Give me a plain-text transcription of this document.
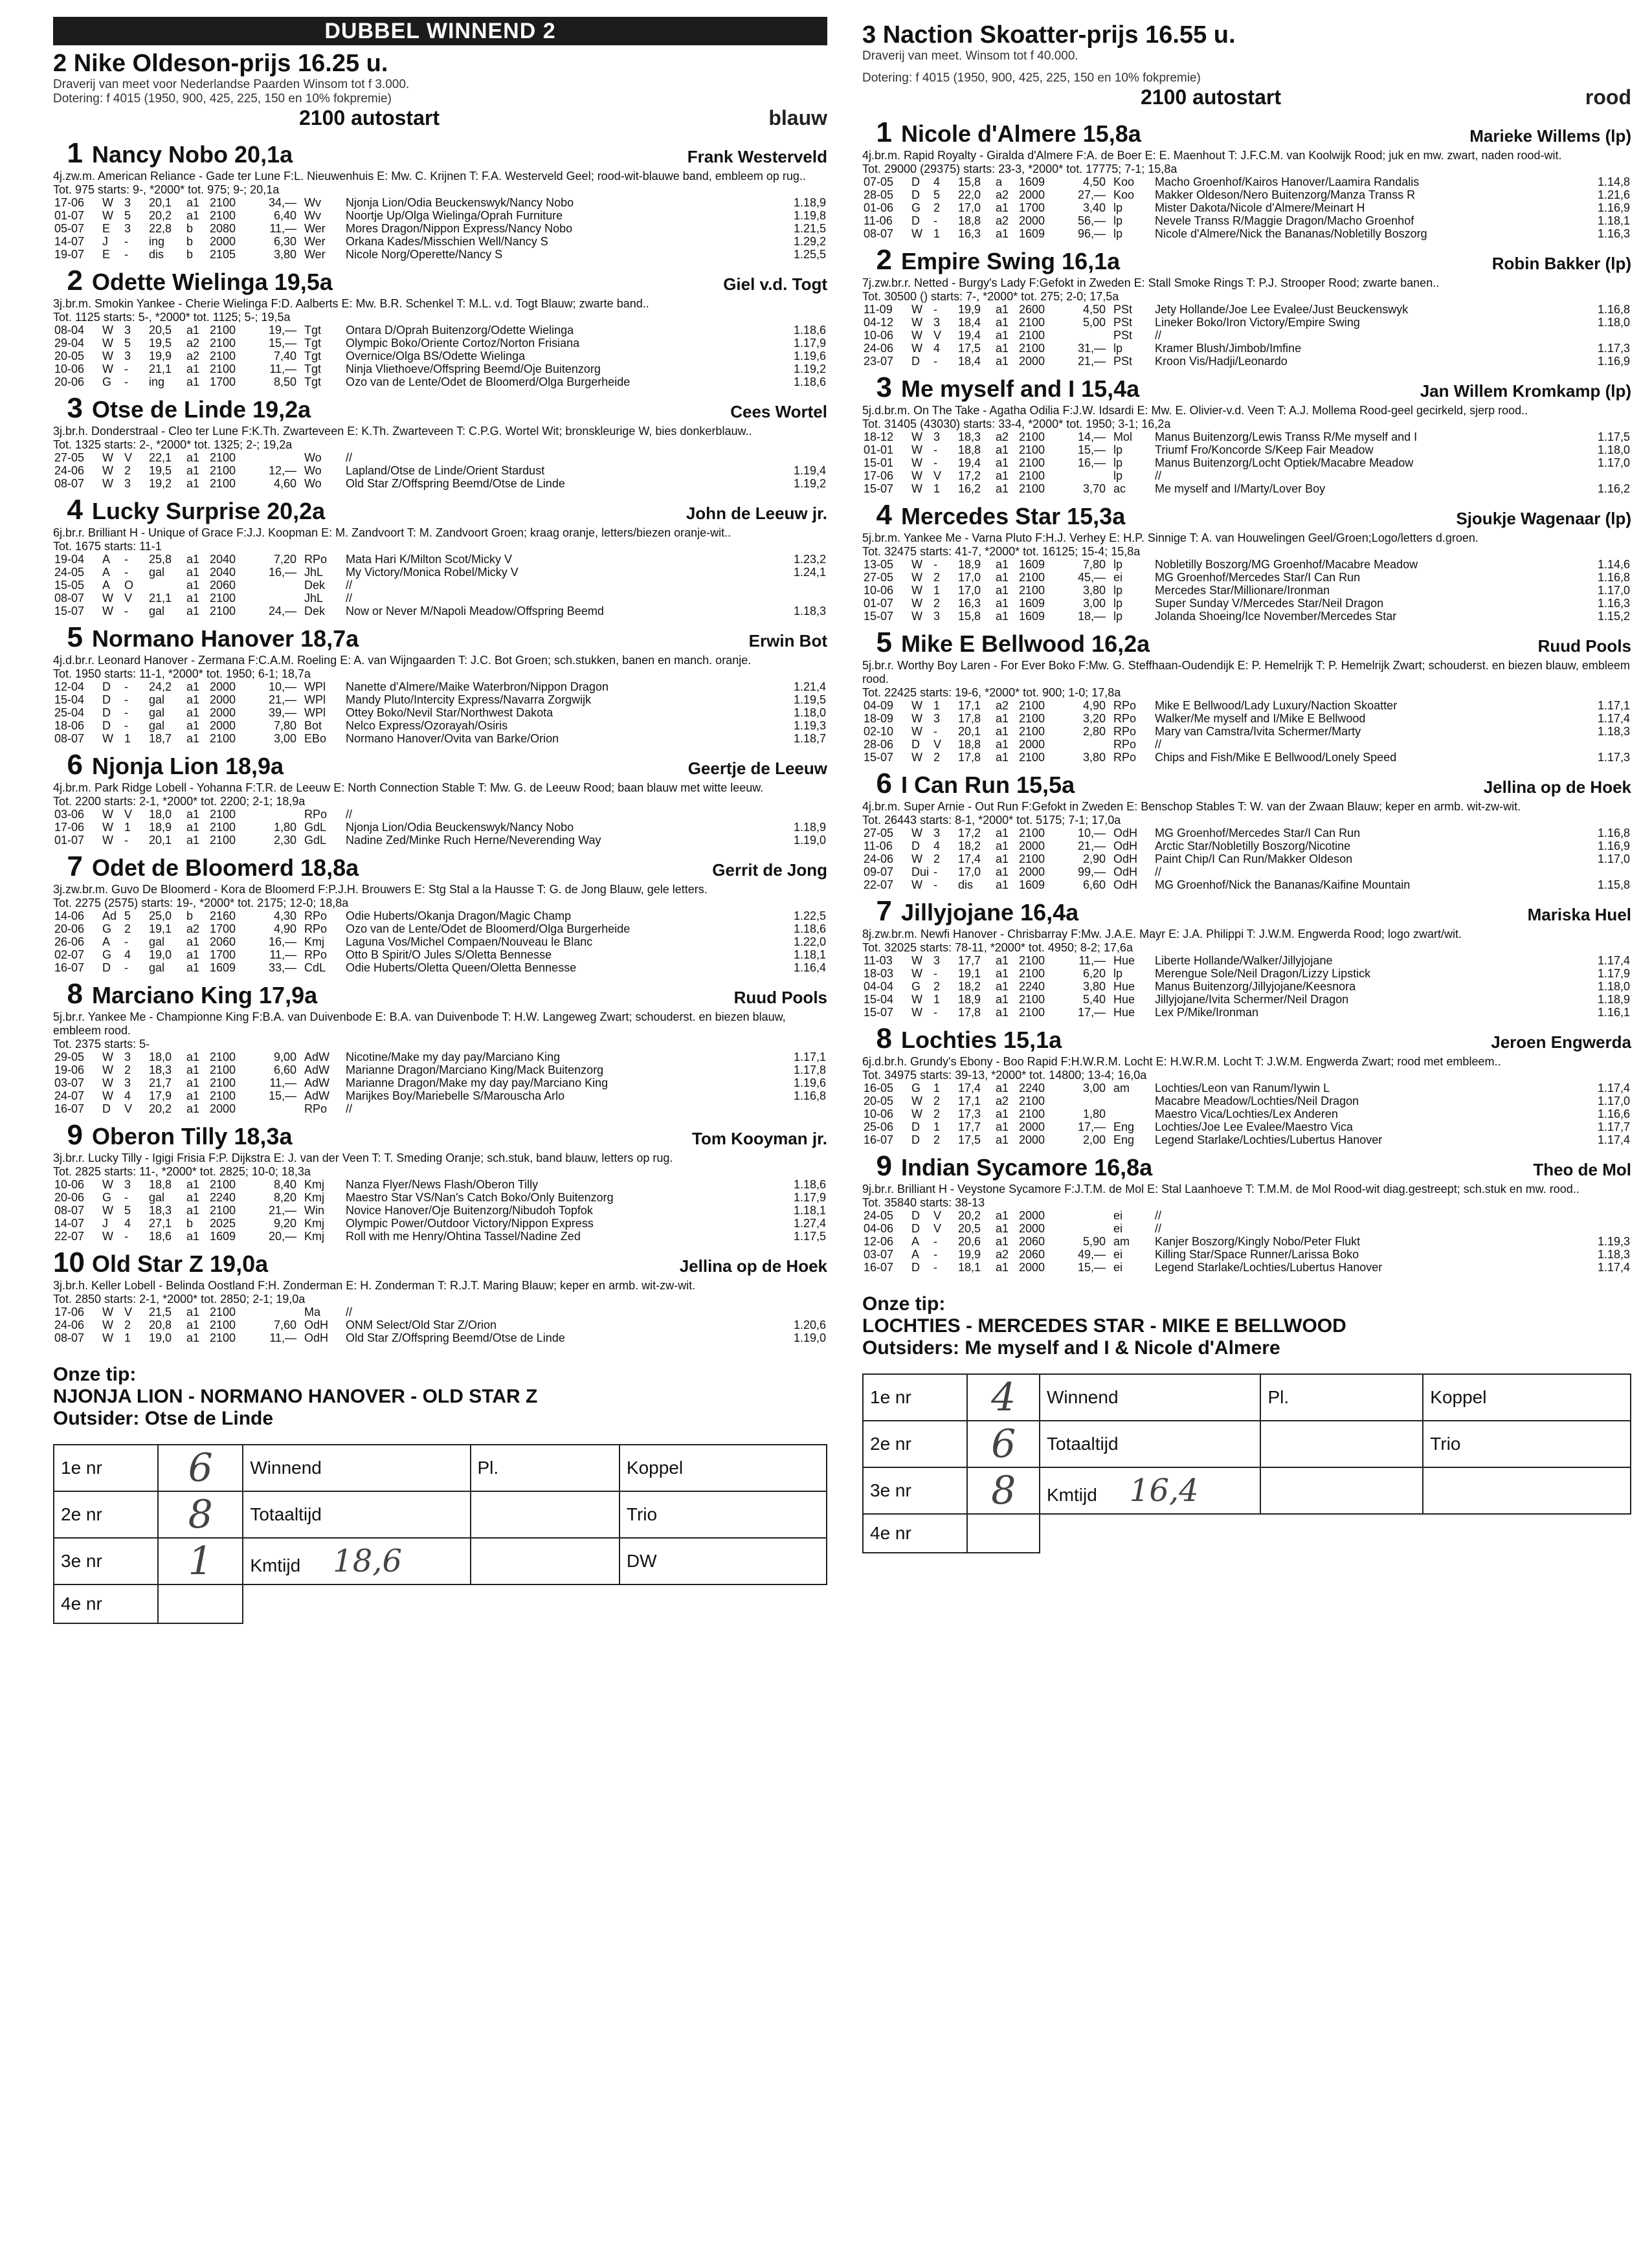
DUBBEL WINNEND 2
2 Nike Oldeson-prijs 16.25 u.
Draverij van meet voor Nederlandse Paarden Winsom tot f 3.000.
Dotering: f 4015 (1950, 900, 425, 225, 150 en 10% fokpremie)
2100 autostart	blauw
1 Nancy Nobo 20,1a	Frank Westerveld
4j.zw.m. American Reliance - Gade ter Lune F:L. Nieuwenhuis E: Mw. C. Krijnen T: F.A. Westerveld Geel; rood-wit-blauwe band, embleem op rug..
Tot. 975 starts: 9-, *2000* tot. 975; 9-; 20,1a
17-06	W	3	20,1	a1	2100	34,—	Wv	Njonja Lion/Odia Beuckenswyk/Nancy Nobo	1.18,9
01-07	W	5	20,2	a1	2100	6,40	Wv	Noortje Up/Olga Wielinga/Oprah Furniture	1.19,8
05-07	E	3	22,8	b	2080	11,—	Wer	Mores Dragon/Nippon Express/Nancy Nobo	1.21,5
14-07	J	-	ing	b	2000	6,30	Wer	Orkana Kades/Misschien Well/Nancy S	1.29,2
19-07	E	-	dis	b	2105	3,80	Wer	Nicole Norg/Operette/Nancy S	1.25,5
2 Odette Wielinga 19,5a	Giel v.d. Togt
3j.br.m. Smokin Yankee - Cherie Wielinga F:D. Aalberts E: Mw. B.R. Schenkel T: M.L. v.d. Togt Blauw; zwarte band..
Tot. 1125 starts: 5-, *2000* tot. 1125; 5-; 19,5a
08-04	W	3	20,5	a1	2100	19,—	Tgt	Ontara D/Oprah Buitenzorg/Odette Wielinga	1.18,6
29-04	W	5	19,5	a2	2100	15,—	Tgt	Olympic Boko/Oriente Cortoz/Norton Frisiana	1.17,9
20-05	W	3	19,9	a2	2100	7,40	Tgt	Overnice/Olga BS/Odette Wielinga	1.19,6
10-06	W	-	21,1	a1	2100	11,—	Tgt	Ninja Vliethoeve/Offspring Beemd/Oje Buitenzorg	1.19,2
20-06	G	-	ing	a1	1700	8,50	Tgt	Ozo van de Lente/Odet de Bloomerd/Olga Burgerheide	1.18,6
3 Otse de Linde 19,2a	Cees Wortel
3j.br.h. Donderstraal - Cleo ter Lune F:K.Th. Zwarteveen E: K.Th. Zwarteveen T: C.P.G. Wortel Wit; bronskleurige W, bies donkerblauw..
Tot. 1325 starts: 2-, *2000* tot. 1325; 2-; 19,2a
27-05	W	V	22,1	a1	2100		Wo	//	
24-06	W	2	19,5	a1	2100	12,—	Wo	Lapland/Otse de Linde/Orient Stardust	1.19,4
08-07	W	3	19,2	a1	2100	4,60	Wo	Old Star Z/Offspring Beemd/Otse de Linde	1.19,2
4 Lucky Surprise 20,2a	John de Leeuw jr.
6j.br.r. Brilliant H - Unique of Grace F:J.J. Koopman E: M. Zandvoort T: M. Zandvoort Groen; kraag oranje, letters/biezen oranje-wit..
Tot. 1675 starts: 11-1
19-04	A	-	25,8	a1	2040	7,20	RPo	Mata Hari K/Milton Scot/Micky V	1.23,2
24-05	A	-	gal	a1	2040	16,—	JhL	My Victory/Monica Robel/Micky V	1.24,1
15-05	A	O		a1	2060		Dek	//	
08-07	W	V	21,1	a1	2100		JhL	//	
15-07	W	-	gal	a1	2100	24,—	Dek	Now or Never M/Napoli Meadow/Offspring Beemd	1.18,3
5 Normano Hanover 18,7a	Erwin Bot
4j.d.br.r. Leonard Hanover - Zermana F:C.A.M. Roeling E: A. van Wijngaarden T: J.C. Bot Groen; sch.stukken, banen en manch. oranje.
Tot. 1950 starts: 11-1, *2000* tot. 1950; 6-1; 18,7a
12-04	D	-	24,2	a1	2000	10,—	WPl	Nanette d'Almere/Maike Waterbron/Nippon Dragon	1.21,4
15-04	D	-	gal	a1	2000	21,—	WPl	Mandy Pluto/Intercity Express/Navarra Zorgwijk	1.19,5
25-04	D	-	gal	a1	2000	39,—	WPl	Ottey Boko/Nevil Star/Northwest Dakota	1.18,0
18-06	D	-	gal	a1	2000	7,80	Bot	Nelco Express/Ozorayah/Osiris	1.19,3
08-07	W	1	18,7	a1	2100	3,00	EBo	Normano Hanover/Ovita van Barke/Orion	1.18,7
6 Njonja Lion 18,9a	Geertje de Leeuw
4j.br.m. Park Ridge Lobell - Yohanna F:T.R. de Leeuw E: North Connection Stable T: Mw. G. de Leeuw Rood; baan blauw met witte leeuw.
Tot. 2200 starts: 2-1, *2000* tot. 2200; 2-1; 18,9a
03-06	W	V	18,0	a1	2100		RPo	//	
17-06	W	1	18,9	a1	2100	1,80	GdL	Njonja Lion/Odia Beuckenswyk/Nancy Nobo	1.18,9
01-07	W	-	20,1	a1	2100	2,30	GdL	Nadine Zed/Minke Ruch Herne/Neverending Way	1.19,0
7 Odet de Bloomerd 18,8a	Gerrit de Jong
3j.zw.br.m. Guvo De Bloomerd - Kora de Bloomerd F:P.J.H. Brouwers E: Stg Stal a la Hausse T: G. de Jong Blauw, gele letters.
Tot. 2275 (2575) starts: 19-, *2000* tot. 2175; 12-0; 18,8a
14-06	Ad	5	25,0	b	2160	4,30	RPo	Odie Huberts/Okanja Dragon/Magic Champ	1.22,5
20-06	G	2	19,1	a2	1700	4,90	RPo	Ozo van de Lente/Odet de Bloomerd/Olga Burgerheide	1.18,6
26-06	A	-	gal	a1	2060	16,—	Kmj	Laguna Vos/Michel Compaen/Nouveau le Blanc	1.22,0
02-07	G	4	19,0	a1	1700	11,—	RPo	Otto B Spirit/O Jules S/Oletta Bennesse	1.18,1
16-07	D	-	gal	a1	1609	33,—	CdL	Odie Huberts/Oletta Queen/Oletta Bennesse	1.16,4
8 Marciano King 17,9a	Ruud Pools
5j.br.r. Yankee Me - Championne King F:B.A. van Duivenbode E: B.A. van Duivenbode T: H.W. Langeweg Zwart; schouderst. en biezen blauw, embleem rood.
Tot. 2375 starts: 5-
29-05	W	3	18,0	a1	2100	9,00	AdW	Nicotine/Make my day pay/Marciano King	1.17,1
19-06	W	2	18,3	a1	2100	6,60	AdW	Marianne Dragon/Marciano King/Mack Buitenzorg	1.17,8
03-07	W	3	21,7	a1	2100	11,—	AdW	Marianne Dragon/Make my day pay/Marciano King	1.19,6
24-07	W	4	17,9	a1	2100	15,—	AdW	Marijkes Boy/Mariebelle S/Marouscha Arlo	1.16,8
16-07	D	V	20,2	a1	2000		RPo	//	
9 Oberon Tilly 18,3a	Tom Kooyman jr.
3j.br.r. Lucky Tilly - Igigi Frisia F:P. Dijkstra E: J. van der Veen T: T. Smeding Oranje; sch.stuk, band blauw, letters op rug.
Tot. 2825 starts: 11-, *2000* tot. 2825; 10-0; 18,3a
10-06	W	3	18,8	a1	2100	8,40	Kmj	Nanza Flyer/News Flash/Oberon Tilly	1.18,6
20-06	G	-	gal	a1	2240	8,20	Kmj	Maestro Star VS/Nan's Catch Boko/Only Buitenzorg	1.17,9
08-07	W	5	18,3	a1	2100	21,—	Win	Novice Hanover/Oje Buitenzorg/Nibudoh Topfok	1.18,1
14-07	J	4	27,1	b	2025	9,20	Kmj	Olympic Power/Outdoor Victory/Nippon Express	1.27,4
22-07	W	-	18,6	a1	1609	20,—	Kmj	Roll with me Henry/Ohtina Tassel/Nadine Zed	1.17,5
10 Old Star Z 19,0a	Jellina op de Hoek
3j.br.h. Keller Lobell - Belinda Oostland F:H. Zonderman E: H. Zonderman T: R.J.T. Maring Blauw; keper en armb. wit-zw-wit.
Tot. 2850 starts: 2-1, *2000* tot. 2850; 2-1; 19,0a
17-06	W	V	21,5	a1	2100		Ma	//	
24-06	W	2	20,8	a1	2100	7,60	OdH	ONM Select/Old Star Z/Orion	1.20,6
08-07	W	1	19,0	a1	2100	11,—	OdH	Old Star Z/Offspring Beemd/Otse de Linde	1.19,0
Onze tip:
NJONJA LION - NORMANO HANOVER - OLD STAR Z
Outsider: Otse de Linde
1e nr	6	Winnend	Pl.	Koppel
2e nr	8	Totaaltijd		Trio
3e nr	1	Kmtijd 18,6		DW
4e nr				
3 Naction Skoatter-prijs 16.55 u.
Draverij van meet. Winsom tot f 40.000.
Dotering: f 4015 (1950, 900, 425, 225, 150 en 10% fokpremie)
2100 autostart	rood
1 Nicole d'Almere 15,8a	Marieke Willems (lp)
4j.br.m. Rapid Royalty - Giralda d'Almere F:A. de Boer E: E. Maenhout T: J.F.C.M. van Koolwijk Rood; juk en mw. zwart, naden rood-wit.
Tot. 29000 (29375) starts: 23-3, *2000* tot. 17775; 7-1; 15,8a
07-05	D	4	15,8	a	1609	4,50	Koo	Macho Groenhof/Kairos Hanover/Laamira Randalis	1.14,8
28-05	D	5	22,0	a2	2000	27,—	Koo	Makker Oldeson/Nero Buitenzorg/Manza Transs R	1.21,6
01-06	G	2	17,0	a1	1700	3,40	lp	Mister Dakota/Nicole d'Almere/Meinart H	1.16,9
11-06	D	-	18,8	a2	2000	56,—	lp	Nevele Transs R/Maggie Dragon/Macho Groenhof	1.18,1
08-07	W	1	16,3	a1	1609	96,—	lp	Nicole d'Almere/Nick the Bananas/Nobletilly Boszorg	1.16,3
2 Empire Swing 16,1a	Robin Bakker (lp)
7j.zw.br.r. Netted - Burgy's Lady F:Gefokt in Zweden E: Stall Smoke Rings T: P.J. Strooper Rood; zwarte banen..
Tot. 30500 () starts: 7-, *2000* tot. 275; 2-0; 17,5a
11-09	W	-	19,9	a1	2600	4,50	PSt	Jety Hollande/Joe Lee Evalee/Just Beuckenswyk	1.16,8
04-12	W	3	18,4	a1	2100	5,00	PSt	Lineker Boko/Iron Victory/Empire Swing	1.18,0
10-06	W	V	19,4	a1	2100		PSt	//	
24-06	W	4	17,5	a1	2100	31,—	lp	Kramer Blush/Jimbob/Imfine	1.17,3
23-07	D	-	18,4	a1	2000	21,—	PSt	Kroon Vis/Hadji/Leonardo	1.16,9
3 Me myself and I 15,4a	Jan Willem Kromkamp (lp)
5j.d.br.m. On The Take - Agatha Odilia F:J.W. Idsardi E: Mw. E. Olivier-v.d. Veen T: A.J. Mollema Rood-geel gecirkeld, sjerp rood..
Tot. 31405 (43030) starts: 33-4, *2000* tot. 1950; 3-1; 16,2a
18-12	W	3	18,3	a2	2100	14,—	Mol	Manus Buitenzorg/Lewis Transs R/Me myself and I	1.17,5
01-01	W	-	18,8	a1	2100	15,—	lp	Triumf Fro/Koncorde S/Keep Fair Meadow	1.18,0
15-01	W	-	19,4	a1	2100	16,—	lp	Manus Buitenzorg/Locht Optiek/Macabre Meadow	1.17,0
17-06	W	V	17,2	a1	2100		lp	//	
15-07	W	1	16,2	a1	2100	3,70	ac	Me myself and I/Marty/Lover Boy	1.16,2
4 Mercedes Star 15,3a	Sjoukje Wagenaar (lp)
5j.br.m. Yankee Me - Varna Pluto F:H.J. Verhey E: H.P. Sinnige T: A. van Houwelingen Geel/Groen;Logo/letters d.groen.
Tot. 32475 starts: 41-7, *2000* tot. 16125; 15-4; 15,8a
13-05	W	-	18,9	a1	1609	7,80	lp	Nobletilly Boszorg/MG Groenhof/Macabre Meadow	1.14,6
27-05	W	2	17,0	a1	2100	45,—	ei	MG Groenhof/Mercedes Star/I Can Run	1.16,8
10-06	W	1	17,0	a1	2100	3,80	lp	Mercedes Star/Millionare/Ironman	1.17,0
01-07	W	2	16,3	a1	1609	3,00	lp	Super Sunday V/Mercedes Star/Neil Dragon	1.16,3
15-07	W	3	15,8	a1	1609	18,—	lp	Jolanda Shoeing/Ice November/Mercedes Star	1.15,2
5 Mike E Bellwood 16,2a	Ruud Pools
5j.br.r. Worthy Boy Laren - For Ever Boko F:Mw. G. Steffhaan-Oudendijk E: P. Hemelrijk T: P. Hemelrijk Zwart; schouderst. en biezen blauw, embleem rood.
Tot. 22425 starts: 19-6, *2000* tot. 900; 1-0; 17,8a
04-09	W	1	17,1	a2	2100	4,90	RPo	Mike E Bellwood/Lady Luxury/Naction Skoatter	1.17,1
18-09	W	3	17,8	a1	2100	3,20	RPo	Walker/Me myself and I/Mike E Bellwood	1.17,4
02-10	W	-	20,1	a1	2100	2,80	RPo	Mary van Camstra/Ivita Schermer/Marty	1.18,3
28-06	D	V	18,8	a1	2000		RPo	//	
15-07	W	2	17,8	a1	2100	3,80	RPo	Chips and Fish/Mike E Bellwood/Lonely Speed	1.17,3
6 I Can Run 15,5a	Jellina op de Hoek
4j.br.m. Super Arnie - Out Run F:Gefokt in Zweden E: Benschop Stables T: W. van der Zwaan Blauw; keper en armb. wit-zw-wit.
Tot. 26443 starts: 8-1, *2000* tot. 5175; 7-1; 17,0a
27-05	W	3	17,2	a1	2100	10,—	OdH	MG Groenhof/Mercedes Star/I Can Run	1.16,8
11-06	D	4	18,2	a1	2000	21,—	OdH	Arctic Star/Nobletilly Boszorg/Nicotine	1.16,9
24-06	W	2	17,4	a1	2100	2,90	OdH	Paint Chip/I Can Run/Makker Oldeson	1.17,0
09-07	Dui	-	17,0	a1	2000	99,—	OdH	//	
22-07	W	-	dis	a1	1609	6,60	OdH	MG Groenhof/Nick the Bananas/Kaifine Mountain	1.15,8
7 Jillyjojane 16,4a	Mariska Huel
8j.zw.br.m. Newfi Hanover - Chrisbarray F:Mw. J.A.E. Mayr E: J.A. Philippi T: J.W.M. Engwerda Rood; logo zwart/wit.
Tot. 32025 starts: 78-11, *2000* tot. 4950; 8-2; 17,6a
11-03	W	3	17,7	a1	2100	11,—	Hue	Liberte Hollande/Walker/Jillyjojane	1.17,4
18-03	W	-	19,1	a1	2100	6,20	lp	Merengue Sole/Neil Dragon/Lizzy Lipstick	1.17,9
04-04	G	2	18,2	a1	2240	3,80	Hue	Manus Buitenzorg/Jillyjojane/Keesnora	1.18,0
15-04	W	1	18,9	a1	2100	5,40	Hue	Jillyjojane/Ivita Schermer/Neil Dragon	1.18,9
15-07	W	-	17,8	a1	2100	17,—	Hue	Lex P/Mike/Ironman	1.16,1
8 Lochties 15,1a	Jeroen Engwerda
6j.d.br.h. Grundy's Ebony - Boo Rapid F:H.W.R.M. Locht E: H.W.R.M. Locht T: J.W.M. Engwerda Zwart; rood met embleem..
Tot. 34975 starts: 39-13, *2000* tot. 14800; 13-4; 16,0a
16-05	G	1	17,4	a1	2240	3,00	am	Lochties/Leon van Ranum/Iywin L	1.17,4
20-05	W	2	17,1	a2	2100			Macabre Meadow/Lochties/Neil Dragon	1.17,0
10-06	W	2	17,3	a1	2100	1,80		Maestro Vica/Lochties/Lex Anderen	1.16,6
25-06	D	1	17,7	a1	2000	17,—	Eng	Lochties/Joe Lee Evalee/Maestro Vica	1.17,7
16-07	D	2	17,5	a1	2000	2,00	Eng	Legend Starlake/Lochties/Lubertus Hanover	1.17,4
9 Indian Sycamore 16,8a	Theo de Mol
9j.br.r. Brilliant H - Veystone Sycamore F:J.T.M. de Mol E: Stal Laanhoeve T: T.M.M. de Mol Rood-wit diag.gestreept; sch.stuk en mw. rood..
Tot. 35840 starts: 38-13
24-05	D	V	20,2	a1	2000		ei	//	
04-06	D	V	20,5	a1	2000		ei	//	
12-06	A	-	20,6	a1	2060	5,90	am	Kanjer Boszorg/Kingly Nobo/Peter Flukt	1.19,3
03-07	A	-	19,9	a2	2060	49,—	ei	Killing Star/Space Runner/Larissa Boko	1.18,3
16-07	D	-	18,1	a1	2000	15,—	ei	Legend Starlake/Lochties/Lubertus Hanover	1.17,4
Onze tip:
LOCHTIES - MERCEDES STAR - MIKE E BELLWOOD
Outsiders: Me myself and I & Nicole d'Almere
1e nr	4	Winnend	Pl.	Koppel
2e nr	6	Totaaltijd		Trio
3e nr	8	Kmtijd 16,4		
4e nr				
